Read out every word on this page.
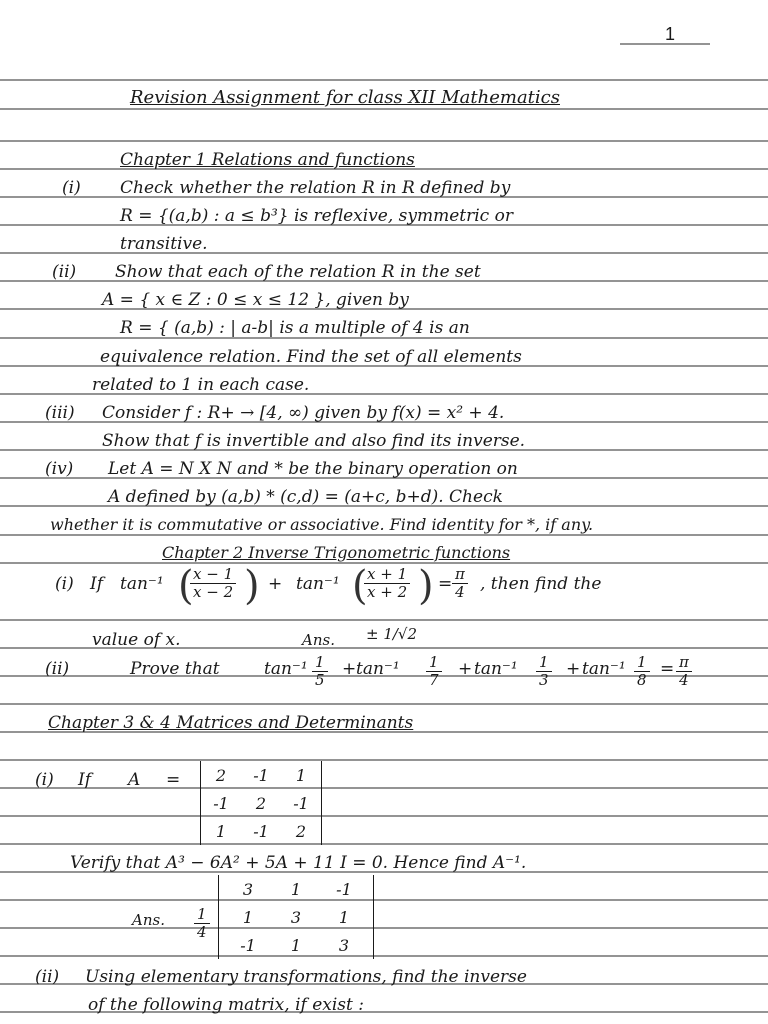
1
Revision Assignment for class XII Mathematics
Chapter 1 Relations and functions
(i) Check whether the relation R in R defined by
R = {(a,b) : a ≤ b³} is reflexive, symmetric or
transitive.
(ii) Show that each of the relation R in the set
A = { x ∈ Z : 0 ≤ x ≤ 12 }, given by
R = { (a,b) : | a-b| is a multiple of 4 is an
equivalence relation. Find the set of all elements
related to 1 in each case.
(iii) Consider f : R+ → [4, ∞) given by f(x) = x² + 4.
Show that f is invertible and also find its inverse.
(iv) Let A = N X N and * be the binary operation on
A defined by (a,b) * (c,d) = (a+c, b+d). Check
whether it is commutative or associative. Find identity for *, if any.
Chapter 2 Inverse Trigonometric functions
(i) If tan⁻¹ (
$\frac{x - 1}{x - 2}$ ) + tan⁻¹ (
$\frac{x + 1}{x + 2}$ ) = $\frac{\pi}{4}$ , then find the
value of x.	Ans. ± 1/√2
(ii)	Prove that	$\tan^{-1} \frac{1}{5} + \tan^{-1} \frac{1}{7} + \tan^{-1} \frac{1}{3} + \tan^{-1} \frac{1}{8} = \frac{\pi}{4}$
Chapter 3 & 4 Matrices and Determinants
(i) If A = 2	-1	1
-1	2	-1
1	-1	2
Verify that A³ − 6A² + 5A + 11 I = 0. Hence find A⁻¹.
Ans. $\frac{1}{4}$
3	1	-1
1	3	1
-1	1	3
(ii) Using elementary transformations, find the inverse
of the following matrix, if exist :
